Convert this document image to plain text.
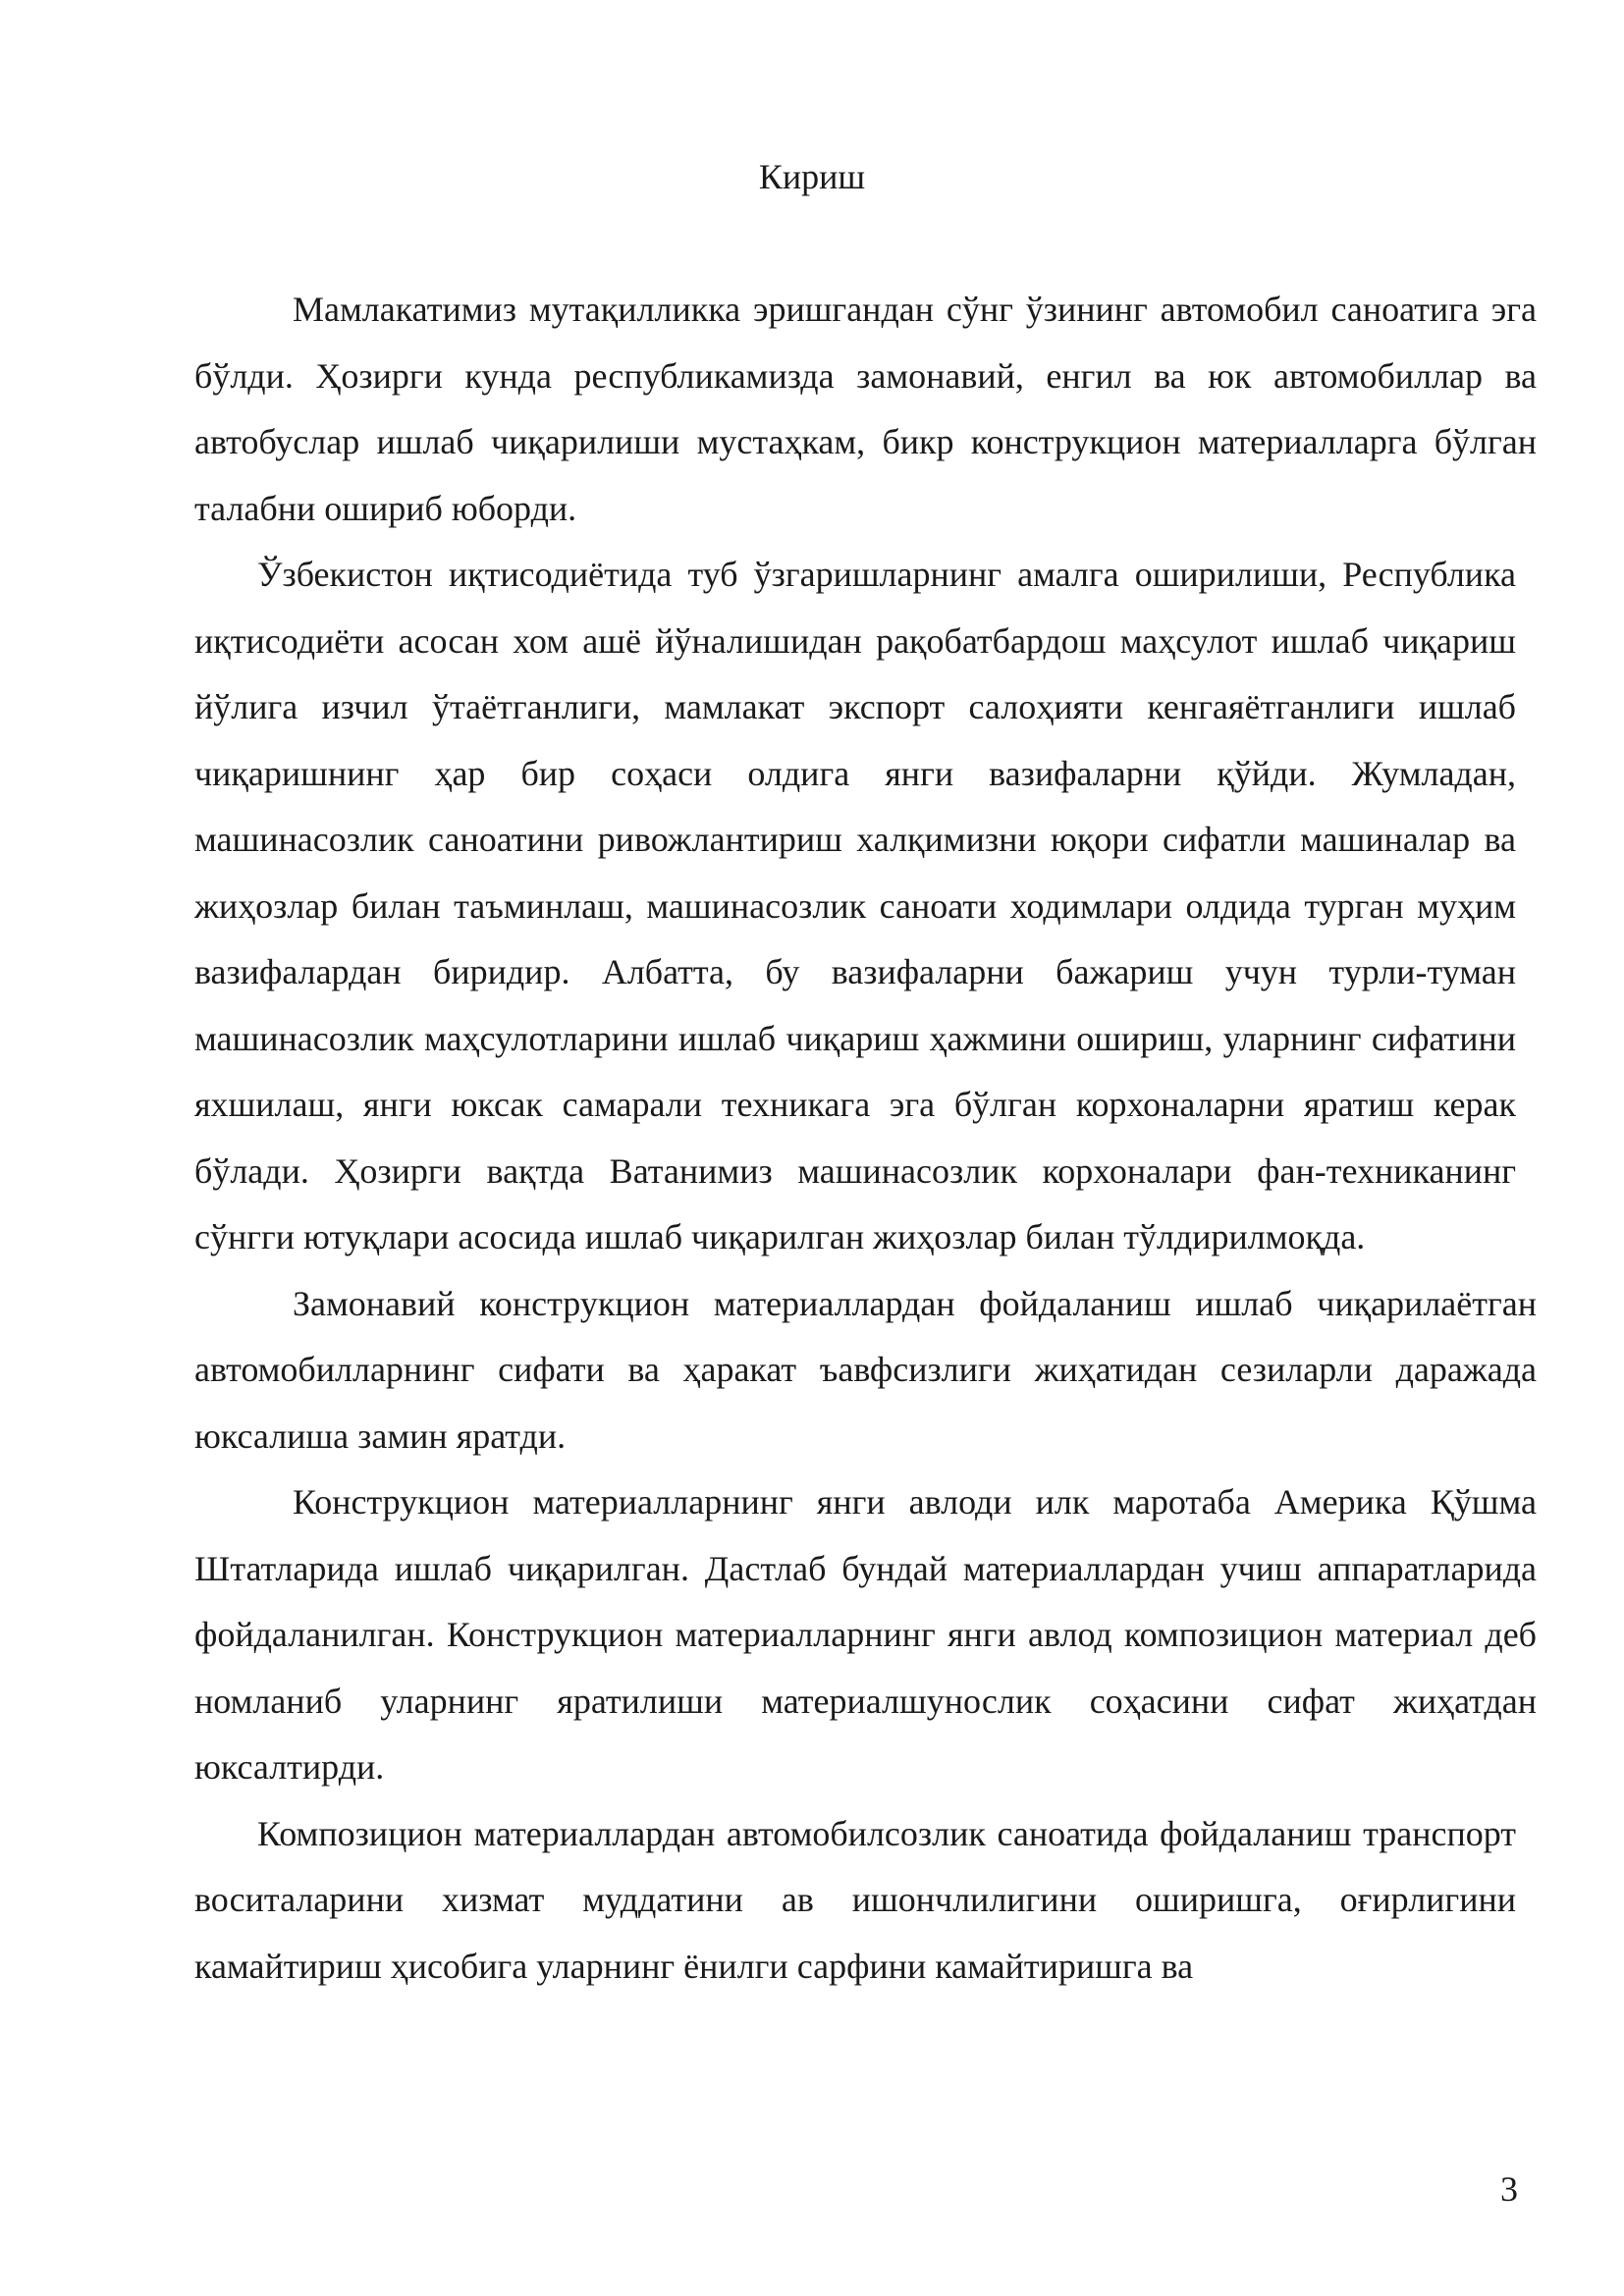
Кириш

Мамлакатимиз мутақилликка эришгандан сўнг ўзининг автомобил саноатига эга бўлди. Ҳозирги кунда республикамизда замонавий, енгил ва юк автомобиллар ва автобуслар ишлаб чиқарилиши мустаҳкам, бикр конструкцион материалларга бўлган талабни ошириб юборди.

Ўзбекистон иқтисодиётида туб ўзгаришларнинг амалга оширилиши, Республика иқтисодиёти асосан хом ашё йўналишидан рақобатбардош маҳсулот ишлаб чиқариш йўлига изчил ўтаётганлиги, мамлакат экспорт салоҳияти кенгаяётганлиги ишлаб чиқаришнинг ҳар бир соҳаси олдига янги вазифаларни қўйди. Жумладан, машинасозлик саноатини ривожлантириш халқимизни юқори сифатли машиналар ва жиҳозлар билан таъминлаш, машинасозлик саноати ходимлари олдида турган муҳим вазифалардан биридир. Албатта, бу вазифаларни бажариш учун турли-туман машинасозлик маҳсулотларини ишлаб чиқариш ҳажмини ошириш, уларнинг сифатини яхшилаш, янги юксак самарали техникага эга бўлган корхоналарни яратиш керак бўлади. Ҳозирги вақтда Ватанимиз машинасозлик корхоналари фан-техниканинг сўнгги ютуқлари асосида ишлаб чиқарилган жиҳозлар билан тўлдирилмоқда.

Замонавий конструкцион материаллардан фойдаланиш ишлаб чиқарилаётган автомобилларнинг сифати ва ҳаракат ъавфсизлиги жиҳатидан сезиларли даражада юксалиша замин яратди.

Конструкцион материалларнинг янги авлоди илк маротаба Америка Қўшма Штатларида ишлаб чиқарилган. Дастлаб бундай материаллардан учиш аппаратларида фойдаланилган. Конструкцион материалларнинг янги авлод композицион материал деб номланиб уларнинг яратилиши материалшунослик соҳасини сифат жиҳатдан юксалтирди.

Композицион материаллардан автомобилсозлик саноатида фойдаланиш транспорт воситаларини хизмат муддатини ав ишончлилигини оширишга, оғирлигини камайтириш ҳисобига уларнинг ёнилги сарфини камайтиришга ва

3
